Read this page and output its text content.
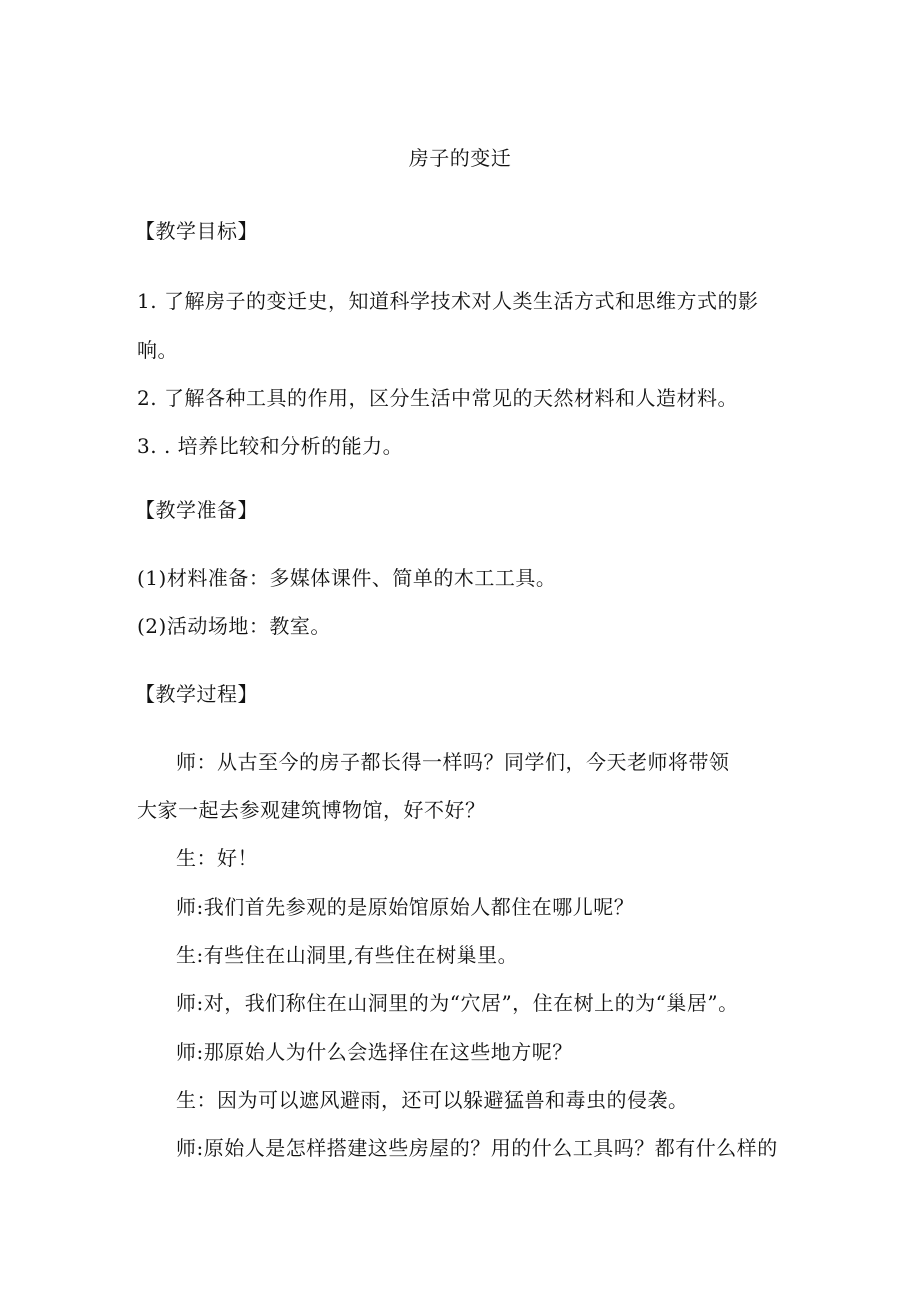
房子的变迁
【教学目标】
1. 了解房子的变迁史，知道科学技术对人类生活方式和思维方式的影
响。
2. 了解各种工具的作用，区分生活中常见的天然材料和人造材料。
3. . 培养比较和分析的能力。
【教学准备】
(1)材料准备：多媒体课件、简单的木工工具。
(2)活动场地：教室。
【教学过程】
师：从古至今的房子都长得一样吗？同学们，今天老师将带领
大家一起去参观建筑博物馆，好不好？
生：好！
师:我们首先参观的是原始馆原始人都住在哪儿呢？
生:有些住在山洞里,有些住在树巢里。
师:对，我们称住在山洞里的为“穴居”，住在树上的为“巢居”。
师:那原始人为什么会选择住在这些地方呢？
生：因为可以遮风避雨，还可以躲避猛兽和毒虫的侵袭。
师:原始人是怎样搭建这些房屋的？用的什么工具吗？都有什么样的
